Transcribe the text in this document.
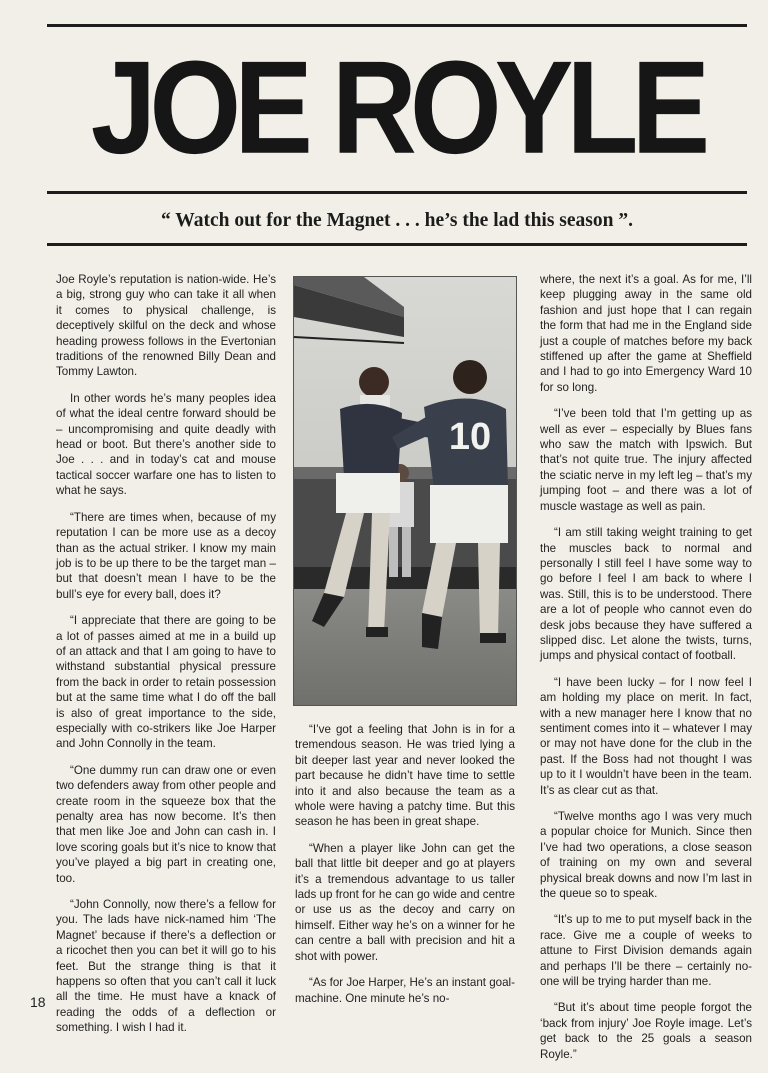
JOE ROYLE
“ Watch out for the Magnet . . . he’s the lad this season ”.

Joe Royle’s reputation is nation-wide. He’s a big, strong guy who can take it all when it comes to physical challenge, is deceptively skilful on the deck and whose heading prowess follows in the Evertonian traditions of the renowned Billy Dean and Tommy Lawton.

In other words he’s many peoples idea of what the ideal centre forward should be – uncompromising and quite deadly with head or boot. But there’s another side to Joe . . . and in today’s cat and mouse tactical soccer warfare one has to listen to what he says.

“There are times when, because of my reputation I can be more use as a decoy than as the actual striker. I know my main job is to be up there to be the target man – but that doesn’t mean I have to be the bull’s eye for every ball, does it?

“I appreciate that there are going to be a lot of passes aimed at me in a build up of an attack and that I am going to have to withstand substantial physical pressure from the back in order to retain possession but at the same time what I do off the ball is also of great importance to the side, especially with co-strikers like Joe Harper and John Connolly in the team.

“One dummy run can draw one or even two defenders away from other people and create room in the squeeze box that the penalty area has now become. It’s then that men like Joe and John can cash in. I love scoring goals but it’s nice to know that you’ve played a big part in creating one, too.

“John Connolly, now there’s a fellow for you. The lads have nick-named him ‘The Magnet’ because if there’s a deflection or a ricochet then you can bet it will go to his feet. But the strange thing is that it happens so often that you can’t call it luck all the time. He must have a knack of reading the odds of a deflection or something. I wish I had it.

10

“I’ve got a feeling that John is in for a tremendous season. He was tried lying a bit deeper last year and never looked the part because he didn’t have time to settle into it and also because the team as a whole were having a patchy time. But this season he has been in great shape.

“When a player like John can get the ball that little bit deeper and go at players it’s a tremendous advantage to us taller lads up front for he can go wide and centre or use us as the decoy and carry on himself. Either way he’s on a winner for he can centre a ball with precision and hit a shot with power.

“As for Joe Harper, He’s an instant goal-machine. One minute he’s no-

where, the next it’s a goal. As for me, I’ll keep plugging away in the same old fashion and just hope that I can regain the form that had me in the England side just a couple of matches before my back stiffened up after the game at Sheffield and I had to go into Emergency Ward 10 for so long.

“I’ve been told that I’m getting up as well as ever – especially by Blues fans who saw the match with Ipswich. But that’s not quite true. The injury affected the sciatic nerve in my left leg – that’s my jumping foot – and there was a lot of muscle wastage as well as pain.

“I am still taking weight training to get the muscles back to normal and personally I still feel I have some way to go before I feel I am back to where I was. Still, this is to be understood. There are a lot of people who cannot even do desk jobs because they have suffered a slipped disc. Let alone the twists, turns, jumps and physical contact of football.

“I have been lucky – for I now feel I am holding my place on merit. In fact, with a new manager here I know that no sentiment comes into it – whatever I may or may not have done for the club in the past. If the Boss had not thought I was up to it I wouldn’t have been in the team. It’s as clear cut as that.

“Twelve months ago I was very much a popular choice for Munich. Since then I’ve had two operations, a close season of training on my own and several physical break downs and now I’m last in the queue so to speak.

“It’s up to me to put myself back in the race. Give me a couple of weeks to attune to First Division demands again and perhaps I’ll be there – certainly no-one will be trying harder than me.

“But it’s about time people forgot the ‘back from injury’ Joe Royle image. Let’s get back to the 25 goals a season Royle.”

18
